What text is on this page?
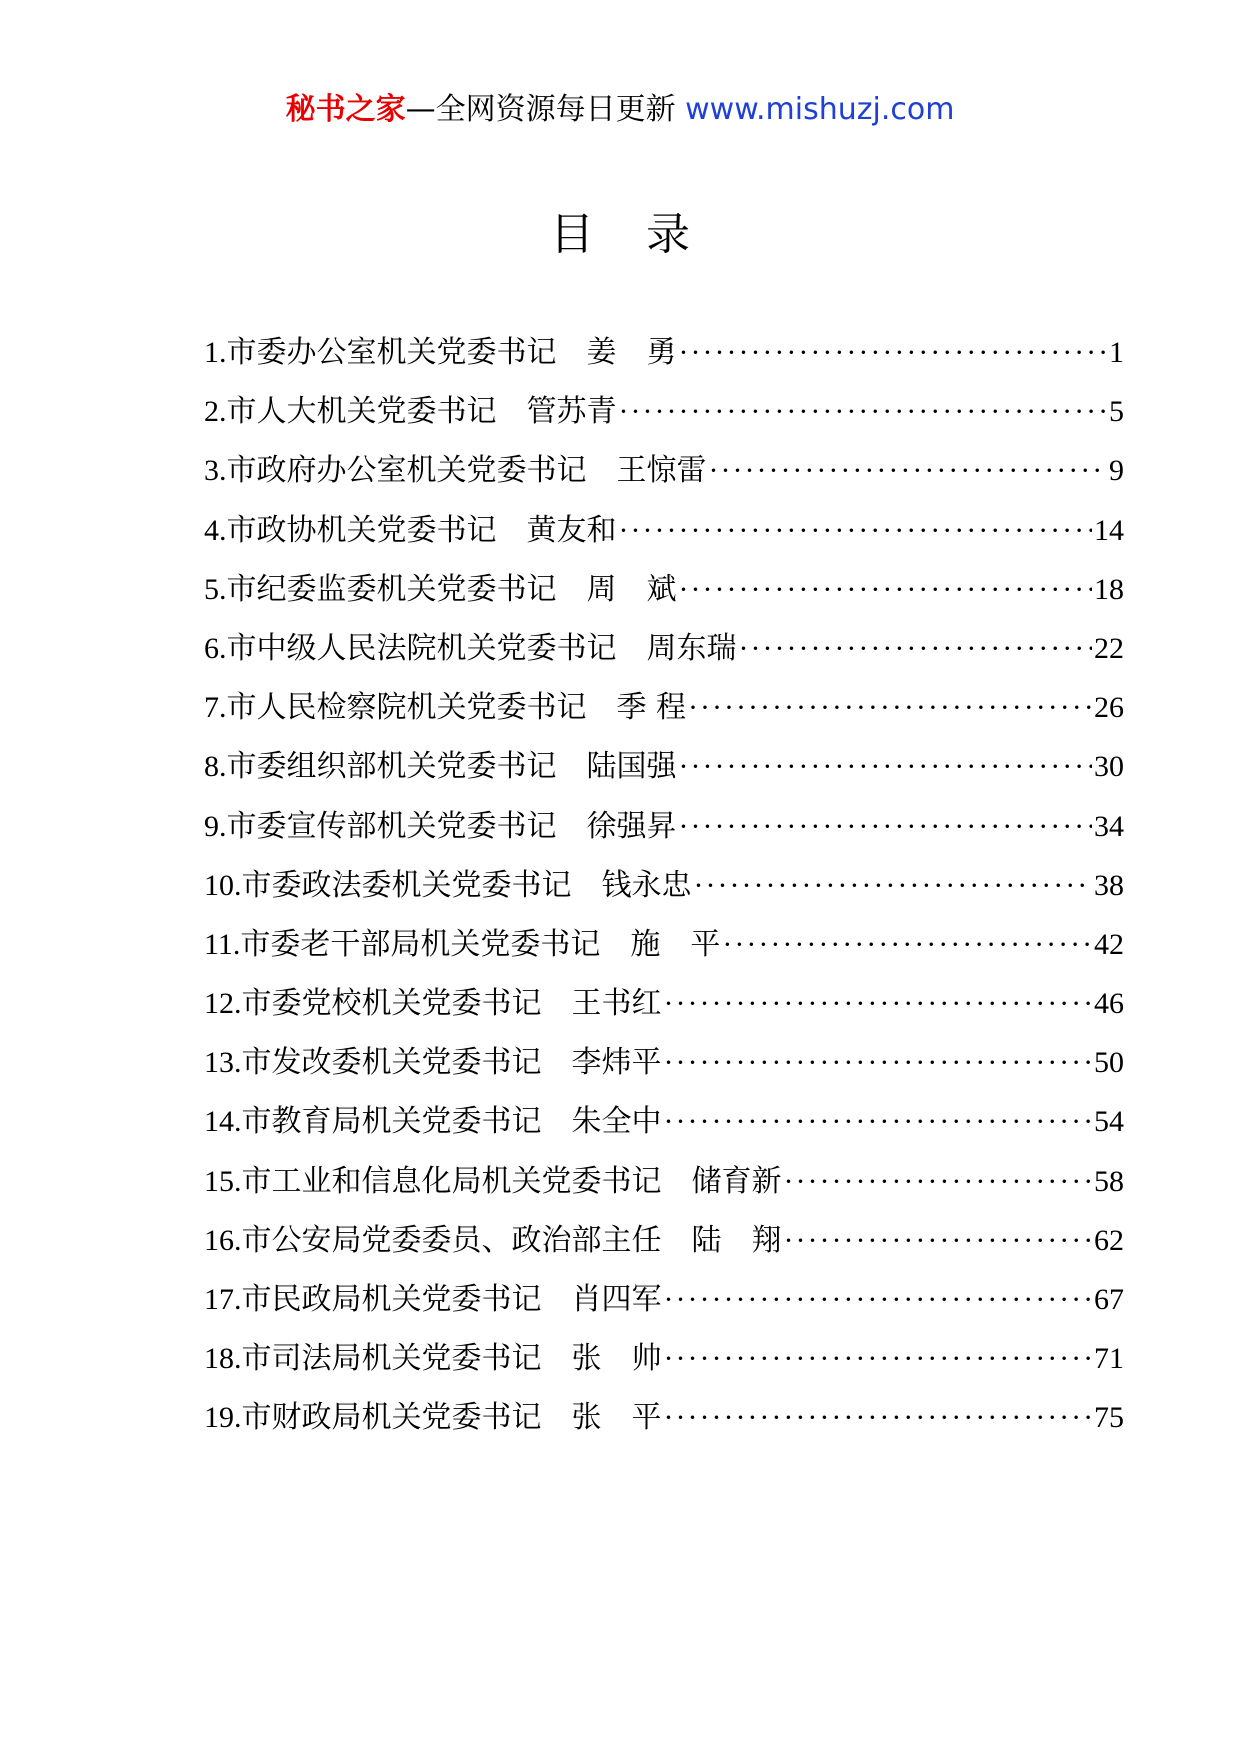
秘书之家—全网资源每日更新 www.mishuzj.com
目 录
1. 市委办公室机关党委书记 姜　勇 ·····	1
2. 市人大机关党委书记 管苏青 ·····	5
3. 市政府办公室机关党委书记 王惊雷 ·····	9
4. 市政协机关党委书记 黄友和 ·····	14
5. 市纪委监委机关党委书记 周　斌 ·····	18
6. 市中级人民法院机关党委书记 周东瑞 ·····	22
7. 市人民检察院机关党委书记 季 程 ·····	26
8. 市委组织部机关党委书记 陆国强 ·····	30
9. 市委宣传部机关党委书记 徐强昇 ·····	34
10. 市委政法委机关党委书记 钱永忠 ·····	38
11. 市委老干部局机关党委书记 施　平 ·····	42
12. 市委党校机关党委书记 王书红 ·····	46
13. 市发改委机关党委书记 李炜平 ·····	50
14. 市教育局机关党委书记 朱全中 ·····	54
15. 市工业和信息化局机关党委书记 储育新 ·····	58
16. 市公安局党委委员、政治部主任 陆　翔 ·····	62
17. 市民政局机关党委书记 肖四军 ·····	67
18. 市司法局机关党委书记 张　帅 ·····	71
19. 市财政局机关党委书记 张　平 ·····	75
